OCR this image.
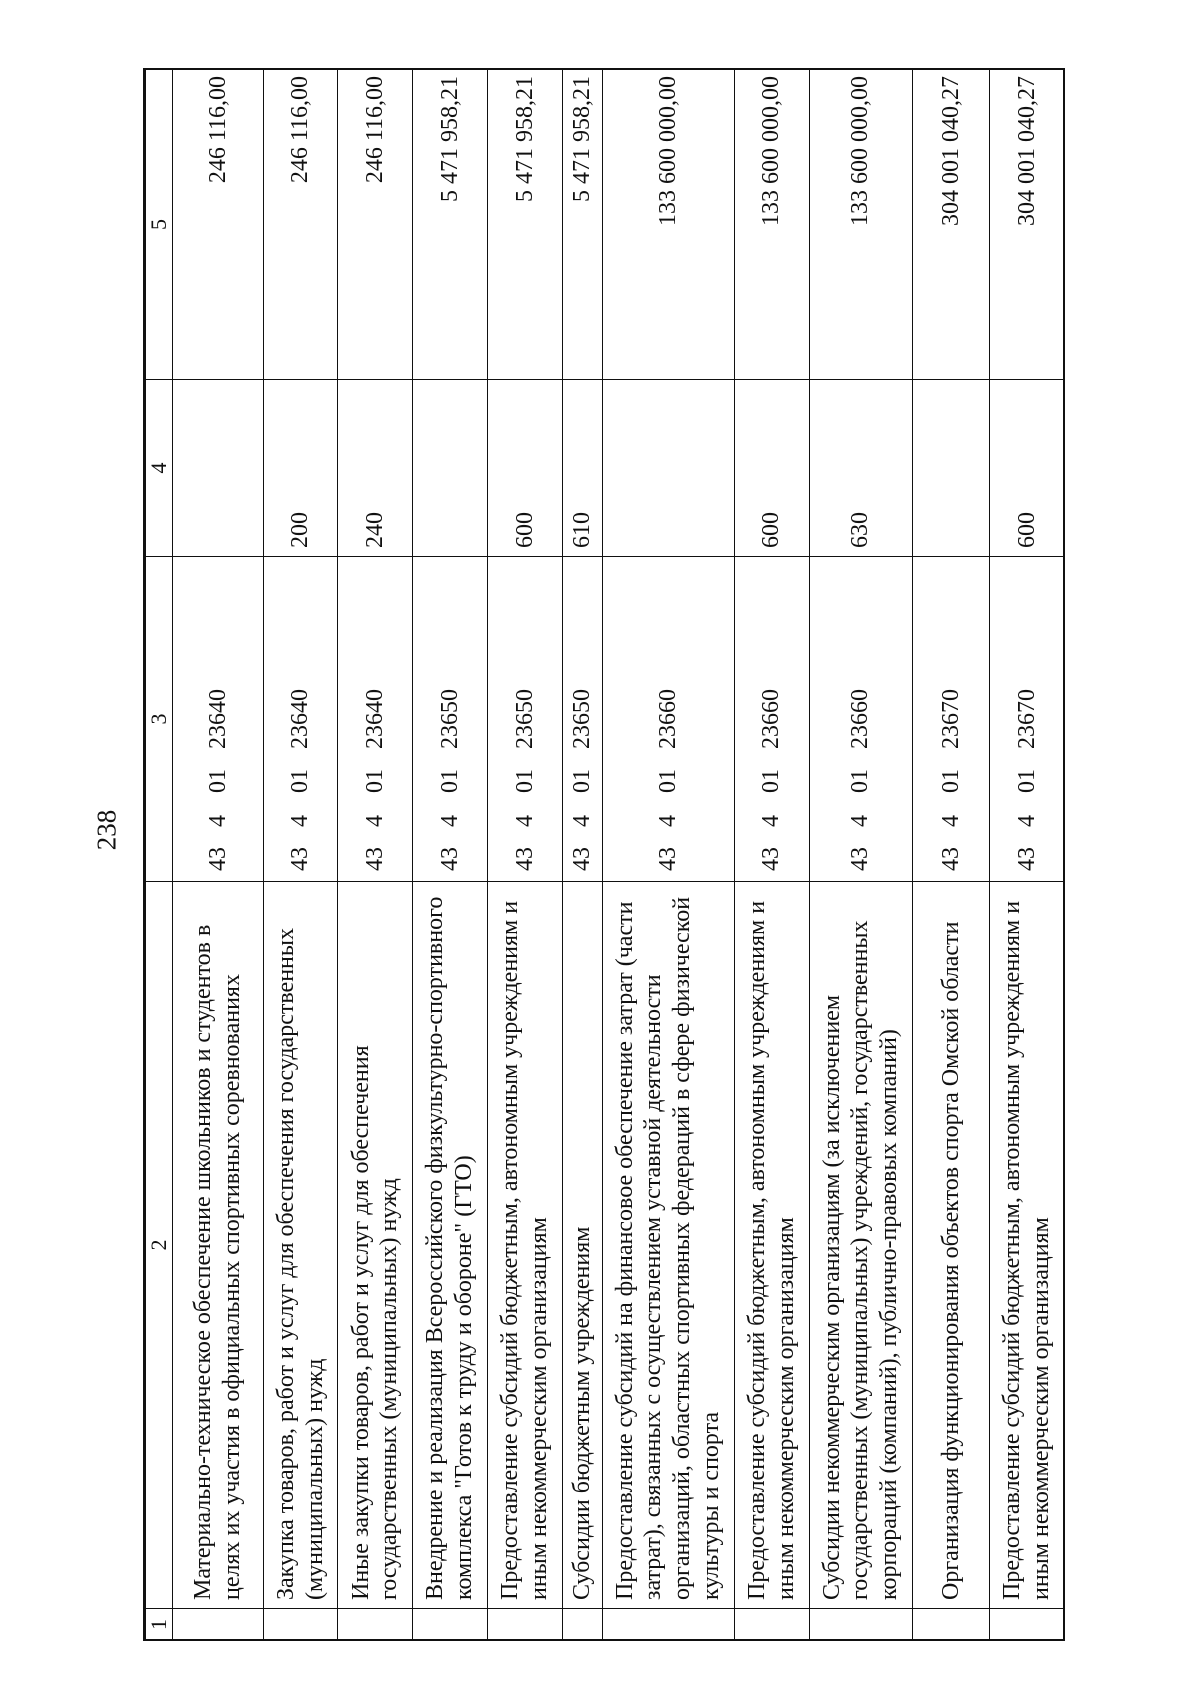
238
1	2	3	4	5
	Материально-техническое обеспечение школьников и студентов в целях их участия в официальных спортивных соревнованиях	4340123640		246 116,00
	Закупка товаров, работ и услуг для обеспечения государственных (муниципальных) нужд	4340123640	200	246 116,00
	Иные закупки товаров, работ и услуг для обеспечения государственных (муниципальных) нужд	4340123640	240	246 116,00
	Внедрение и реализация Всероссийского физкультурно-спортивного комплекса "Готов к труду и обороне" (ГТО)	4340123650		5 471 958,21
	Предоставление субсидий бюджетным, автономным учреждениям и иным некоммерческим организациям	4340123650	600	5 471 958,21
	Субсидии бюджетным учреждениям	4340123650	610	5 471 958,21
	Предоставление субсидий на финансовое обеспечение затрат (части затрат), связанных с осуществлением уставной деятельности организаций, областных спортивных федераций в сфере физической культуры и спорта	4340123660		133 600 000,00
	Предоставление субсидий бюджетным, автономным учреждениям и иным некоммерческим организациям	4340123660	600	133 600 000,00
	Субсидии некоммерческим организациям (за исключением государственных (муниципальных) учреждений, государственных корпораций (компаний), публично-правовых компаний)	4340123660	630	133 600 000,00
	Организация функционирования объектов спорта Омской области	4340123670		304 001 040,27
	Предоставление субсидий бюджетным, автономным учреждениям и иным некоммерческим организациям	4340123670	600	304 001 040,27
